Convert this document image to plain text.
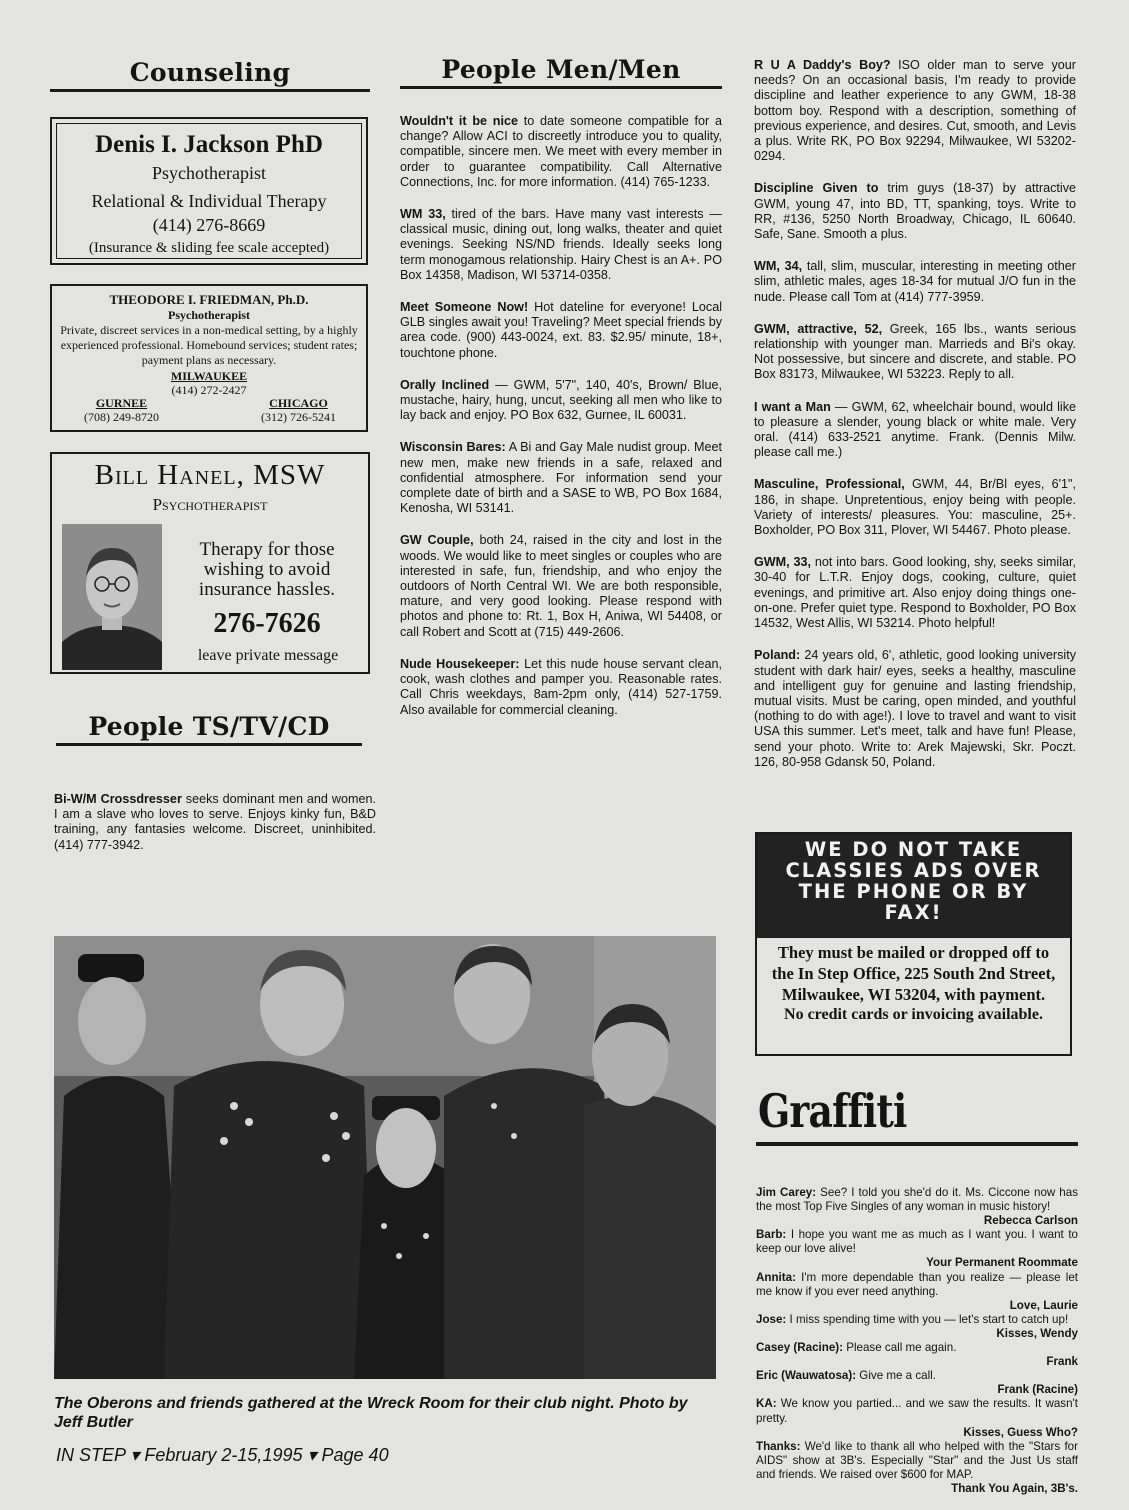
Counseling
Denis I. Jackson PhD
Psychotherapist
Relational & Individual Therapy
(414) 276-8669
(Insurance & sliding fee scale accepted)
THEODORE I. FRIEDMAN, Ph.D.
Psychotherapist
Private, discreet services in a non-medical setting, by a highly experienced professional. Homebound services; student rates; payment plans as necessary.
MILWAUKEE
(414) 272-2427
GURNEE
(708) 249-8720
CHICAGO
(312) 726-5241
Bill Hanel, MSW
Psychotherapist
Therapy for those wishing to avoid insurance hassles.
276-7626
leave private message
People TS/TV/CD

Bi-W/M Crossdresser seeks dominant men and women. I am a slave who loves to serve. Enjoys kinky fun, B&D training, any fantasies welcome. Discreet, uninhibited. (414) 777-3942.

People Men/Men

Wouldn't it be nice to date someone compatible for a change? Allow ACI to discreetly introduce you to quality, compatible, sincere men. We meet with every member in order to guarantee compatibility. Call Alternative Connections, Inc. for more information. (414) 765-1233.

WM 33, tired of the bars. Have many vast interests — classical music, dining out, long walks, theater and quiet evenings. Seeking NS/ND friends. Ideally seeks long term monogamous relationship. Hairy Chest is an A+. PO Box 14358, Madison, WI 53714-0358.

Meet Someone Now! Hot dateline for everyone! Local GLB singles await you! Traveling? Meet special friends by area code. (900) 443-0024, ext. 83. $2.95/ minute, 18+, touchtone phone.

Orally Inclined — GWM, 5'7", 140, 40's, Brown/ Blue, mustache, hairy, hung, uncut, seeking all men who like to lay back and enjoy. PO Box 632, Gurnee, IL 60031.

Wisconsin Bares: A Bi and Gay Male nudist group. Meet new men, make new friends in a safe, relaxed and confidential atmosphere. For information send your complete date of birth and a SASE to WB, PO Box 1684, Kenosha, WI 53141.

GW Couple, both 24, raised in the city and lost in the woods. We would like to meet singles or couples who are interested in safe, fun, friendship, and who enjoy the outdoors of North Central WI. We are both responsible, mature, and very good looking. Please respond with photos and phone to: Rt. 1, Box H, Aniwa, WI 54408, or call Robert and Scott at (715) 449-2606.

Nude Housekeeper: Let this nude house servant clean, cook, wash clothes and pamper you. Reasonable rates. Call Chris weekdays, 8am-2pm only, (414) 527-1759. Also available for commercial cleaning.

R U A Daddy's Boy? ISO older man to serve your needs? On an occasional basis, I'm ready to provide discipline and leather experience to any GWM, 18-38 bottom boy. Respond with a description, something of previous experience, and desires. Cut, smooth, and Levis a plus. Write RK, PO Box 92294, Milwaukee, WI 53202-0294.

Discipline Given to trim guys (18-37) by attractive GWM, young 47, into BD, TT, spanking, toys. Write to RR, #136, 5250 North Broadway, Chicago, IL 60640. Safe, Sane. Smooth a plus.

WM, 34, tall, slim, muscular, interesting in meeting other slim, athletic males, ages 18-34 for mutual J/O fun in the nude. Please call Tom at (414) 777-3959.

GWM, attractive, 52, Greek, 165 lbs., wants serious relationship with younger man. Marrieds and Bi's okay. Not possessive, but sincere and discrete, and stable. PO Box 83173, Milwaukee, WI 53223. Reply to all.

I want a Man — GWM, 62, wheelchair bound, would like to pleasure a slender, young black or white male. Very oral. (414) 633-2521 anytime. Frank. (Dennis Milw. please call me.)

Masculine, Professional, GWM, 44, Br/Bl eyes, 6'1", 186, in shape. Unpretentious, enjoy being with people. Variety of interests/ pleasures. You: masculine, 25+. Boxholder, PO Box 311, Plover, WI 54467. Photo please.

GWM, 33, not into bars. Good looking, shy, seeks similar, 30-40 for L.T.R. Enjoy dogs, cooking, culture, quiet evenings, and primitive art. Also enjoy doing things one- on-one. Prefer quiet type. Respond to Boxholder, PO Box 14532, West Allis, WI 53214. Photo helpful!

Poland: 24 years old, 6', athletic, good looking university student with dark hair/ eyes, seeks a healthy, masculine and intelligent guy for genuine and lasting friendship, mutual visits. Must be caring, open minded, and youthful (nothing to do with age!). I love to travel and want to visit USA this summer. Let's meet, talk and have fun! Please, send your photo. Write to: Arek Majewski, Skr. Poczt. 126, 80-958 Gdansk 50, Poland.

WE DO NOT TAKE CLASSIES ADS OVER THE PHONE OR BY FAX!
They must be mailed or dropped off to the In Step Office, 225 South 2nd Street, Milwaukee, WI 53204, with payment.
No credit cards or invoicing available.
Graffiti
Jim Carey: See? I told you she'd do it. Ms. Ciccone now has the most Top Five Singles of any woman in music history!
Rebecca Carlson
Barb: I hope you want me as much as I want you. I want to keep our love alive!
Your Permanent Roommate
Annita: I'm more dependable than you realize — please let me know if you ever need anything.
Love, Laurie
Jose: I miss spending time with you — let's start to catch up!
Kisses, Wendy
Casey (Racine): Please call me again.
Frank
Eric (Wauwatosa): Give me a call.
Frank (Racine)
KA: We know you partied... and we saw the results. It wasn't pretty.
Kisses, Guess Who?
Thanks: We'd like to thank all who helped with the "Stars for AIDS" show at 3B's. Especially "Star" and the Just Us staff and friends. We raised over $600 for MAP.
Thank You Again, 3B's.
The Oberons and friends gathered at the Wreck Room for their club night. Photo by Jeff Butler
IN STEP ▾ February 2-15,1995 ▾ Page 40
